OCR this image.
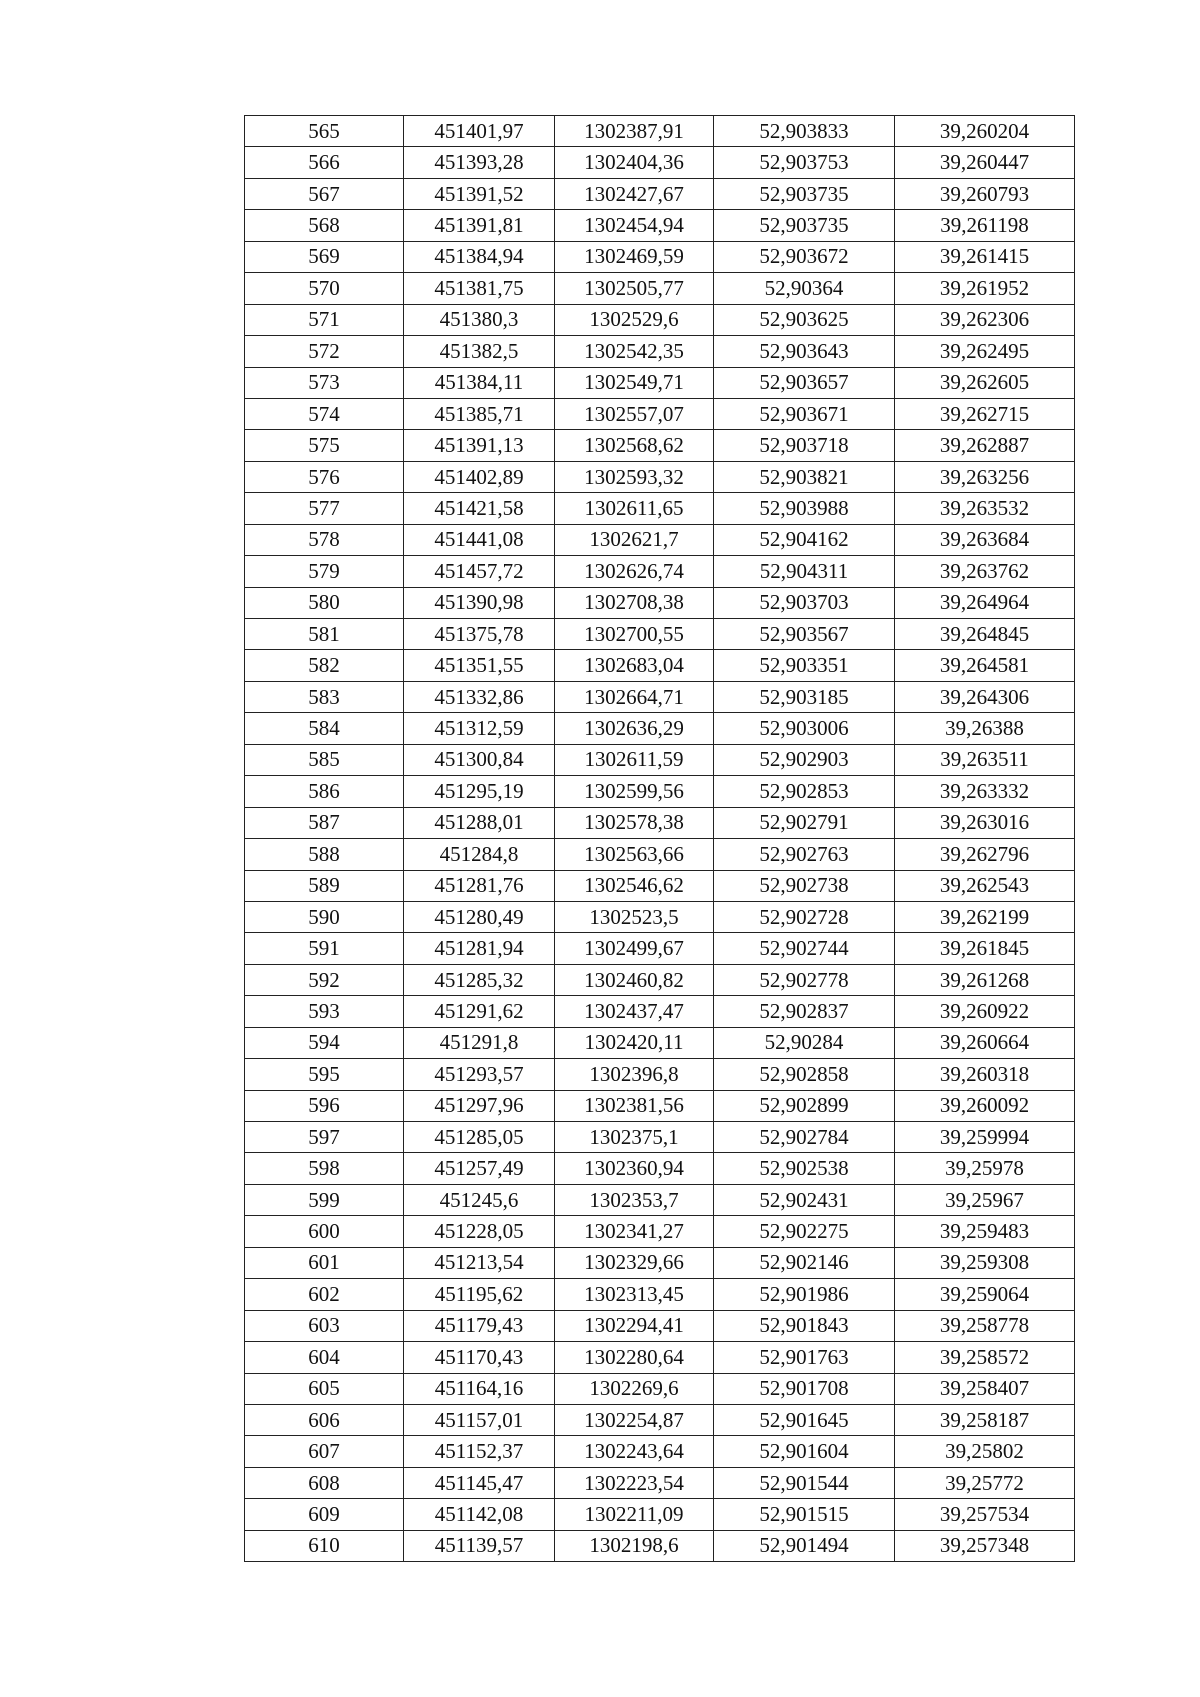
565	451401,97	1302387,91	52,903833	39,260204
566	451393,28	1302404,36	52,903753	39,260447
567	451391,52	1302427,67	52,903735	39,260793
568	451391,81	1302454,94	52,903735	39,261198
569	451384,94	1302469,59	52,903672	39,261415
570	451381,75	1302505,77	52,90364	39,261952
571	451380,3	1302529,6	52,903625	39,262306
572	451382,5	1302542,35	52,903643	39,262495
573	451384,11	1302549,71	52,903657	39,262605
574	451385,71	1302557,07	52,903671	39,262715
575	451391,13	1302568,62	52,903718	39,262887
576	451402,89	1302593,32	52,903821	39,263256
577	451421,58	1302611,65	52,903988	39,263532
578	451441,08	1302621,7	52,904162	39,263684
579	451457,72	1302626,74	52,904311	39,263762
580	451390,98	1302708,38	52,903703	39,264964
581	451375,78	1302700,55	52,903567	39,264845
582	451351,55	1302683,04	52,903351	39,264581
583	451332,86	1302664,71	52,903185	39,264306
584	451312,59	1302636,29	52,903006	39,26388
585	451300,84	1302611,59	52,902903	39,263511
586	451295,19	1302599,56	52,902853	39,263332
587	451288,01	1302578,38	52,902791	39,263016
588	451284,8	1302563,66	52,902763	39,262796
589	451281,76	1302546,62	52,902738	39,262543
590	451280,49	1302523,5	52,902728	39,262199
591	451281,94	1302499,67	52,902744	39,261845
592	451285,32	1302460,82	52,902778	39,261268
593	451291,62	1302437,47	52,902837	39,260922
594	451291,8	1302420,11	52,90284	39,260664
595	451293,57	1302396,8	52,902858	39,260318
596	451297,96	1302381,56	52,902899	39,260092
597	451285,05	1302375,1	52,902784	39,259994
598	451257,49	1302360,94	52,902538	39,25978
599	451245,6	1302353,7	52,902431	39,25967
600	451228,05	1302341,27	52,902275	39,259483
601	451213,54	1302329,66	52,902146	39,259308
602	451195,62	1302313,45	52,901986	39,259064
603	451179,43	1302294,41	52,901843	39,258778
604	451170,43	1302280,64	52,901763	39,258572
605	451164,16	1302269,6	52,901708	39,258407
606	451157,01	1302254,87	52,901645	39,258187
607	451152,37	1302243,64	52,901604	39,25802
608	451145,47	1302223,54	52,901544	39,25772
609	451142,08	1302211,09	52,901515	39,257534
610	451139,57	1302198,6	52,901494	39,257348
